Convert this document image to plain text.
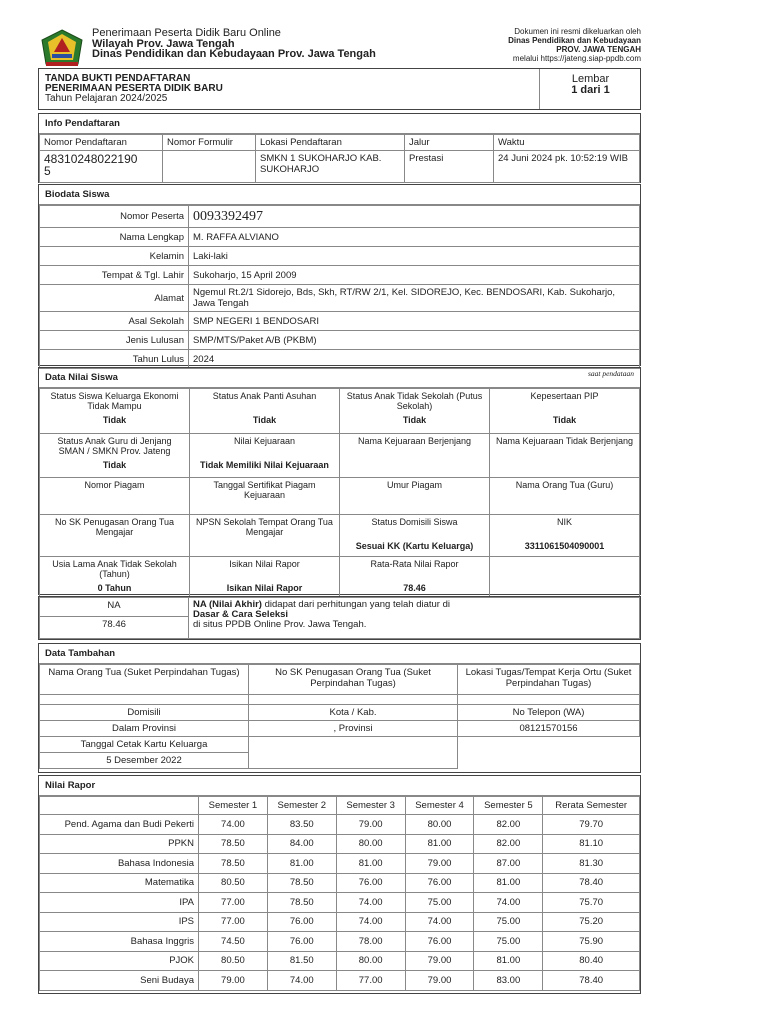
Penerimaan Peserta Didik Baru Online
Wilayah Prov. Jawa Tengah
Dinas Pendidikan dan Kebudayaan Prov. Jawa Tengah
Dokumen ini resmi dikeluarkan oleh
Dinas Pendidikan dan Kebudayaan
PROV. JAWA TENGAH
melalui https://jateng.siap-ppdb.com
TANDA BUKTI PENDAFTARAN
PENERIMAAN PESERTA DIDIK BARU
Tahun Pelajaran 2024/2025
Lembar
1 dari 1
Info Pendaftaran
Nomor Pendaftaran	Nomor Formulir	Lokasi Pendaftaran	Jalur	Waktu
48310248022190
5		SMKN 1 SUKOHARJO KAB. SUKOHARJO	Prestasi	24 Juni 2024 pk. 10:52:19 WIB
Biodata Siswa
Nomor Peserta	0093392497
Nama Lengkap	M. RAFFA ALVIANO
Kelamin	Laki-laki
Tempat & Tgl. Lahir	Sukoharjo, 15 April 2009
Alamat	Ngemul Rt.2/1 Sidorejo, Bds, Skh, RT/RW 2/1, Kel. SIDOREJO, Kec. BENDOSARI, Kab. Sukoharjo, Jawa Tengah
Asal Sekolah	SMP NEGERI 1 BENDOSARI
Jenis Lulusan	SMP/MTS/Paket A/B (PKBM)
Tahun Lulus	2024
Data Nilai Siswa	saat pendataan
Status Siswa Keluarga Ekonomi Tidak Mampu	Status Anak Panti Asuhan	Status Anak Tidak Sekolah (Putus Sekolah)	Kepesertaan PIP
Tidak	Tidak	Tidak	Tidak
Status Anak Guru di Jenjang SMAN / SMKN Prov. Jateng	Nilai Kejuaraan	Nama Kejuaraan Berjenjang	Nama Kejuaraan Tidak Berjenjang
Tidak	Tidak Memiliki Nilai Kejuaraan		
Nomor Piagam	Tanggal Sertifikat Piagam Kejuaraan	Umur Piagam	Nama Orang Tua (Guru)

No SK Penugasan Orang Tua Mengajar	NPSN Sekolah Tempat Orang Tua Mengajar	Status Domisili Siswa	NIK
		Sesuai KK (Kartu Keluarga)	3311061504090001
Usia Lama Anak Tidak Sekolah (Tahun)	Isikan Nilai Rapor	Rata-Rata Nilai Rapor	
0 Tahun	Isikan Nilai Rapor	78.46	
NA	NA (Nilai Akhir) didapat dari perhitungan yang telah diatur di
Dasar & Cara Seleksi
di situs PPDB Online Prov. Jawa Tengah.
78.46
Data Tambahan
Nama Orang Tua (Suket Perpindahan Tugas)	No SK Penugasan Orang Tua (Suket Perpindahan Tugas)	Lokasi Tugas/Tempat Kerja Ortu (Suket Perpindahan Tugas)

Domisili	Kota / Kab.	No Telepon (WA)
Dalam Provinsi	, Provinsi	08121570156
Tanggal Cetak Kartu Keluarga		
5 Desember 2022		
Nilai Rapor
	Semester 1	Semester 2	Semester 3	Semester 4	Semester 5	Rerata Semester
Pend. Agama dan Budi Pekerti	74.00	83.50	79.00	80.00	82.00	79.70
PPKN	78.50	84.00	80.00	81.00	82.00	81.10
Bahasa Indonesia	78.50	81.00	81.00	79.00	87.00	81.30
Matematika	80.50	78.50	76.00	76.00	81.00	78.40
IPA	77.00	78.50	74.00	75.00	74.00	75.70
IPS	77.00	76.00	74.00	74.00	75.00	75.20
Bahasa Inggris	74.50	76.00	78.00	76.00	75.00	75.90
PJOK	80.50	81.50	80.00	79.00	81.00	80.40
Seni Budaya	79.00	74.00	77.00	79.00	83.00	78.40
